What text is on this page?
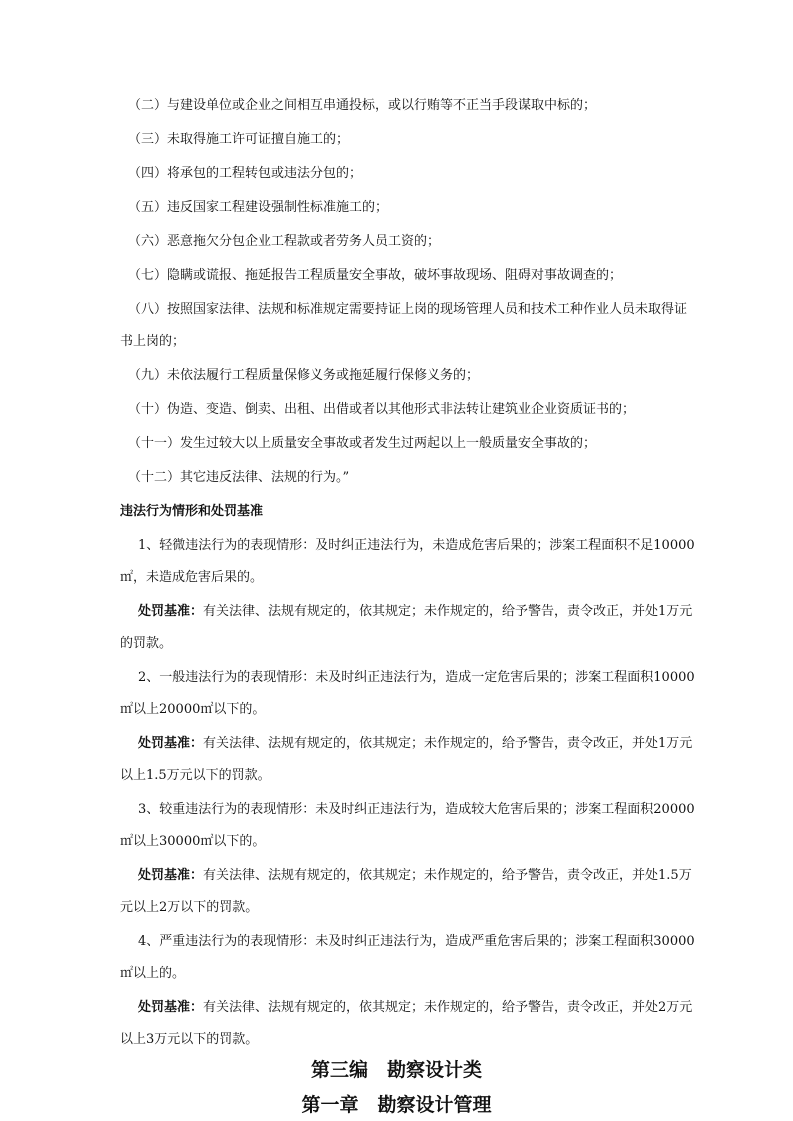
（二）与建设单位或企业之间相互串通投标，或以行贿等不正当手段谋取中标的；
（三）未取得施工许可证擅自施工的；
（四）将承包的工程转包或违法分包的；
（五）违反国家工程建设强制性标准施工的；
（六）恶意拖欠分包企业工程款或者劳务人员工资的；
（七）隐瞒或谎报、拖延报告工程质量安全事故，破坏事故现场、阻碍对事故调查的；
（八）按照国家法律、法规和标准规定需要持证上岗的现场管理人员和技术工种作业人员未取得证
书上岗的；
（九）未依法履行工程质量保修义务或拖延履行保修义务的；
（十）伪造、变造、倒卖、出租、出借或者以其他形式非法转让建筑业企业资质证书的；
（十一）发生过较大以上质量安全事故或者发生过两起以上一般质量安全事故的；
（十二）其它违反法律、法规的行为。”
违法行为情形和处罚基准
1、轻微违法行为的表现情形：及时纠正违法行为，未造成危害后果的；涉案工程面积不足10000
㎡，未造成危害后果的。
处罚基准：有关法律、法规有规定的，依其规定；未作规定的，给予警告，责令改正，并处1万元
的罚款。
2、一般违法行为的表现情形：未及时纠正违法行为，造成一定危害后果的；涉案工程面积10000
㎡以上20000㎡以下的。
处罚基准：有关法律、法规有规定的，依其规定；未作规定的，给予警告，责令改正，并处1万元
以上1.5万元以下的罚款。
3、较重违法行为的表现情形：未及时纠正违法行为，造成较大危害后果的；涉案工程面积20000
㎡以上30000㎡以下的。
处罚基准：有关法律、法规有规定的，依其规定；未作规定的，给予警告，责令改正，并处1.5万
元以上2万以下的罚款。
4、严重违法行为的表现情形：未及时纠正违法行为，造成严重危害后果的；涉案工程面积30000
㎡以上的。
处罚基准：有关法律、法规有规定的，依其规定；未作规定的，给予警告，责令改正，并处2万元
以上3万元以下的罚款。
第三编　勘察设计类
第一章　勘察设计管理
